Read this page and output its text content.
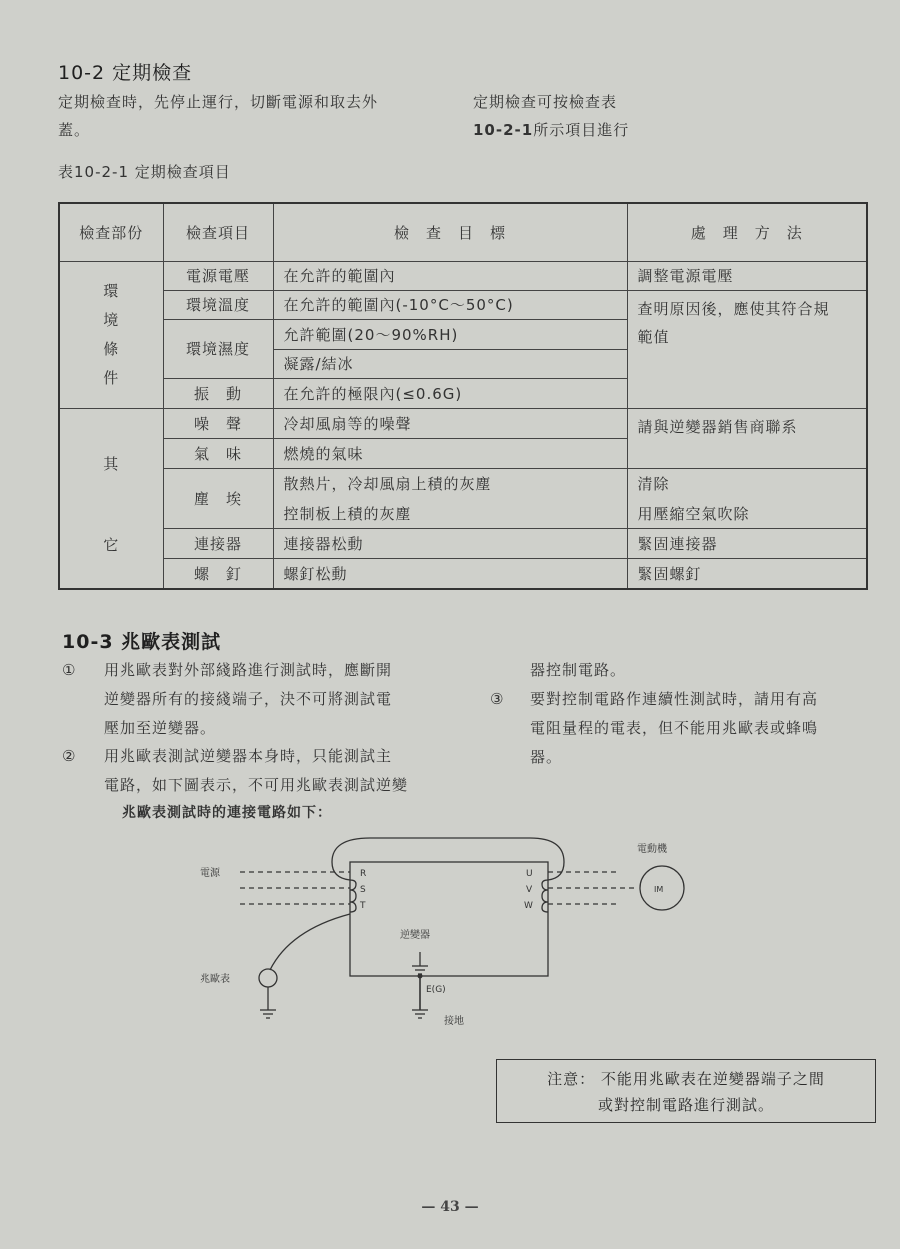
10-2 定期檢查
定期檢查時，先停止運行，切斷電源和取去外
蓋。
定期檢查可按檢查表
10-2-1所示項目進行
表10-2-1 定期檢查項目
檢查部份	檢查項目	檢　查　目　標	處　理　方　法

環
境
條
件	電源電壓	在允許的範圍內	調整電源電壓
	環境溫度	在允許的範圍內(-10°C～50°C)	查明原因後，應使其符合規
範值

	環境濕度	允許範圍(20～90%RH)	
		凝露/結冰	
	振　動	在允許的極限內(≤0.6G)	

其
它	噪　聲	冷却風扇等的噪聲	請與逆變器銷售商聯系
	氣　味	燃燒的氣味	
	塵　埃	散熱片，冷却風扇上積的灰塵	清除
		控制板上積的灰塵	用壓縮空氣吹除
	連接器	連接器松動	緊固連接器
	螺　釘	螺釘松動	緊固螺釘
10-3 兆歐表測試
① 用兆歐表對外部綫路進行測試時，應斷開
逆變器所有的接綫端子，決不可將測試電
壓加至逆變器。
② 用兆歐表測試逆變器本身時，只能測試主
電路，如下圖表示，不可用兆歐表測試逆變
兆歐表測試時的連接電路如下：
器控制電路。
③ 要對控制電路作連續性測試時，請用有高
電阻量程的電表，但不能用兆歐表或蜂鳴
器。
電源
電動機
兆歐表
逆變器
接地
E(G)
R
S
T
U
V
W
IM
注意： 不能用兆歐表在逆變器端子之間
或對控制電路進行測試。
— 43 —
